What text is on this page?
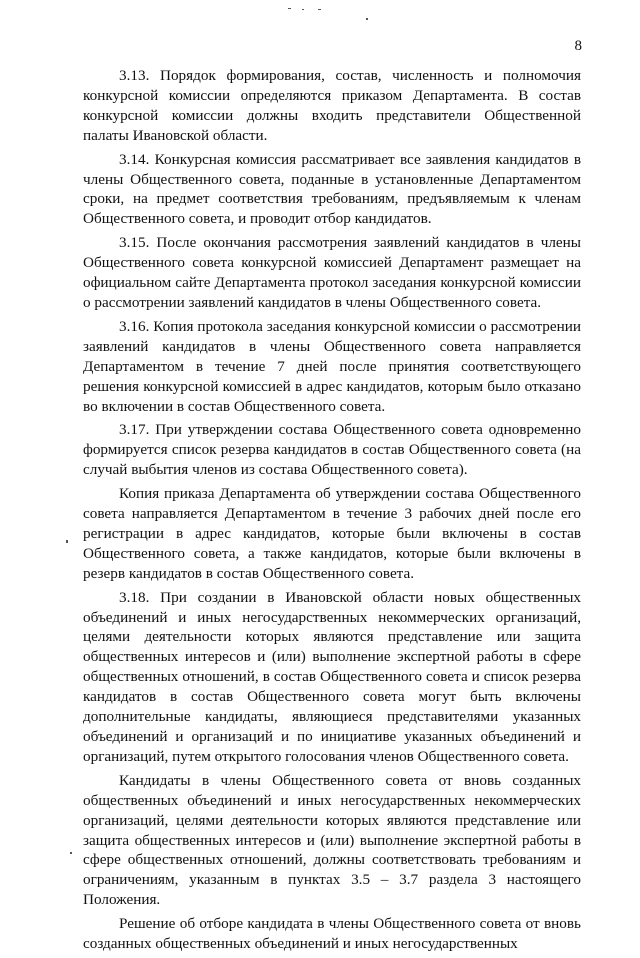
8

3.13. Порядок формирования, состав, численность и полномочия конкурсной комиссии определяются приказом Департамента. В состав конкурсной комиссии должны входить представители Общественной палаты Ивановской области.

3.14. Конкурсная комиссия рассматривает все заявления кандидатов в члены Общественного совета, поданные в установленные Департаментом сроки, на предмет соответствия требованиям, предъявляемым к членам Общественного совета, и проводит отбор кандидатов.

3.15. После окончания рассмотрения заявлений кандидатов в члены Общественного совета конкурсной комиссией Департамент размещает на официальном сайте Департамента протокол заседания конкурсной комиссии о рассмотрении заявлений кандидатов в члены Общественного совета.

3.16. Копия протокола заседания конкурсной комиссии о рассмотрении заявлений кандидатов в члены Общественного совета направляется Департаментом в течение 7 дней после принятия соответствующего решения конкурсной комиссией в адрес кандидатов, которым было отказано во включении в состав Общественного совета.

3.17. При утверждении состава Общественного совета одновременно формируется список резерва кандидатов в состав Общественного совета (на случай выбытия членов из состава Общественного совета).

Копия приказа Департамента об утверждении состава Общественного совета направляется Департаментом в течение 3 рабочих дней после его регистрации в адрес кандидатов, которые были включены в состав Общественного совета, а также кандидатов, которые были включены в резерв кандидатов в состав Общественного совета.

3.18. При создании в Ивановской области новых общественных объединений и иных негосударственных некоммерческих организаций, целями деятельности которых являются представление или защита общественных интересов и (или) выполнение экспертной работы в сфере общественных отношений, в состав Общественного совета и список резерва кандидатов в состав Общественного совета могут быть включены дополнительные кандидаты, являющиеся представителями указанных объединений и организаций и по инициативе указанных объединений и организаций, путем открытого голосования членов Общественного совета.

Кандидаты в члены Общественного совета от вновь созданных общественных объединений и иных негосударственных некоммерческих организаций, целями деятельности которых являются представление или защита общественных интересов и (или) выполнение экспертной работы в сфере общественных отношений, должны соответствовать требованиям и ограничениям, указанным в пунктах 3.5 – 3.7 раздела 3 настоящего Положения.

Решение об отборе кандидата в члены Общественного совета от вновь созданных общественных объединений и иных негосударственных
